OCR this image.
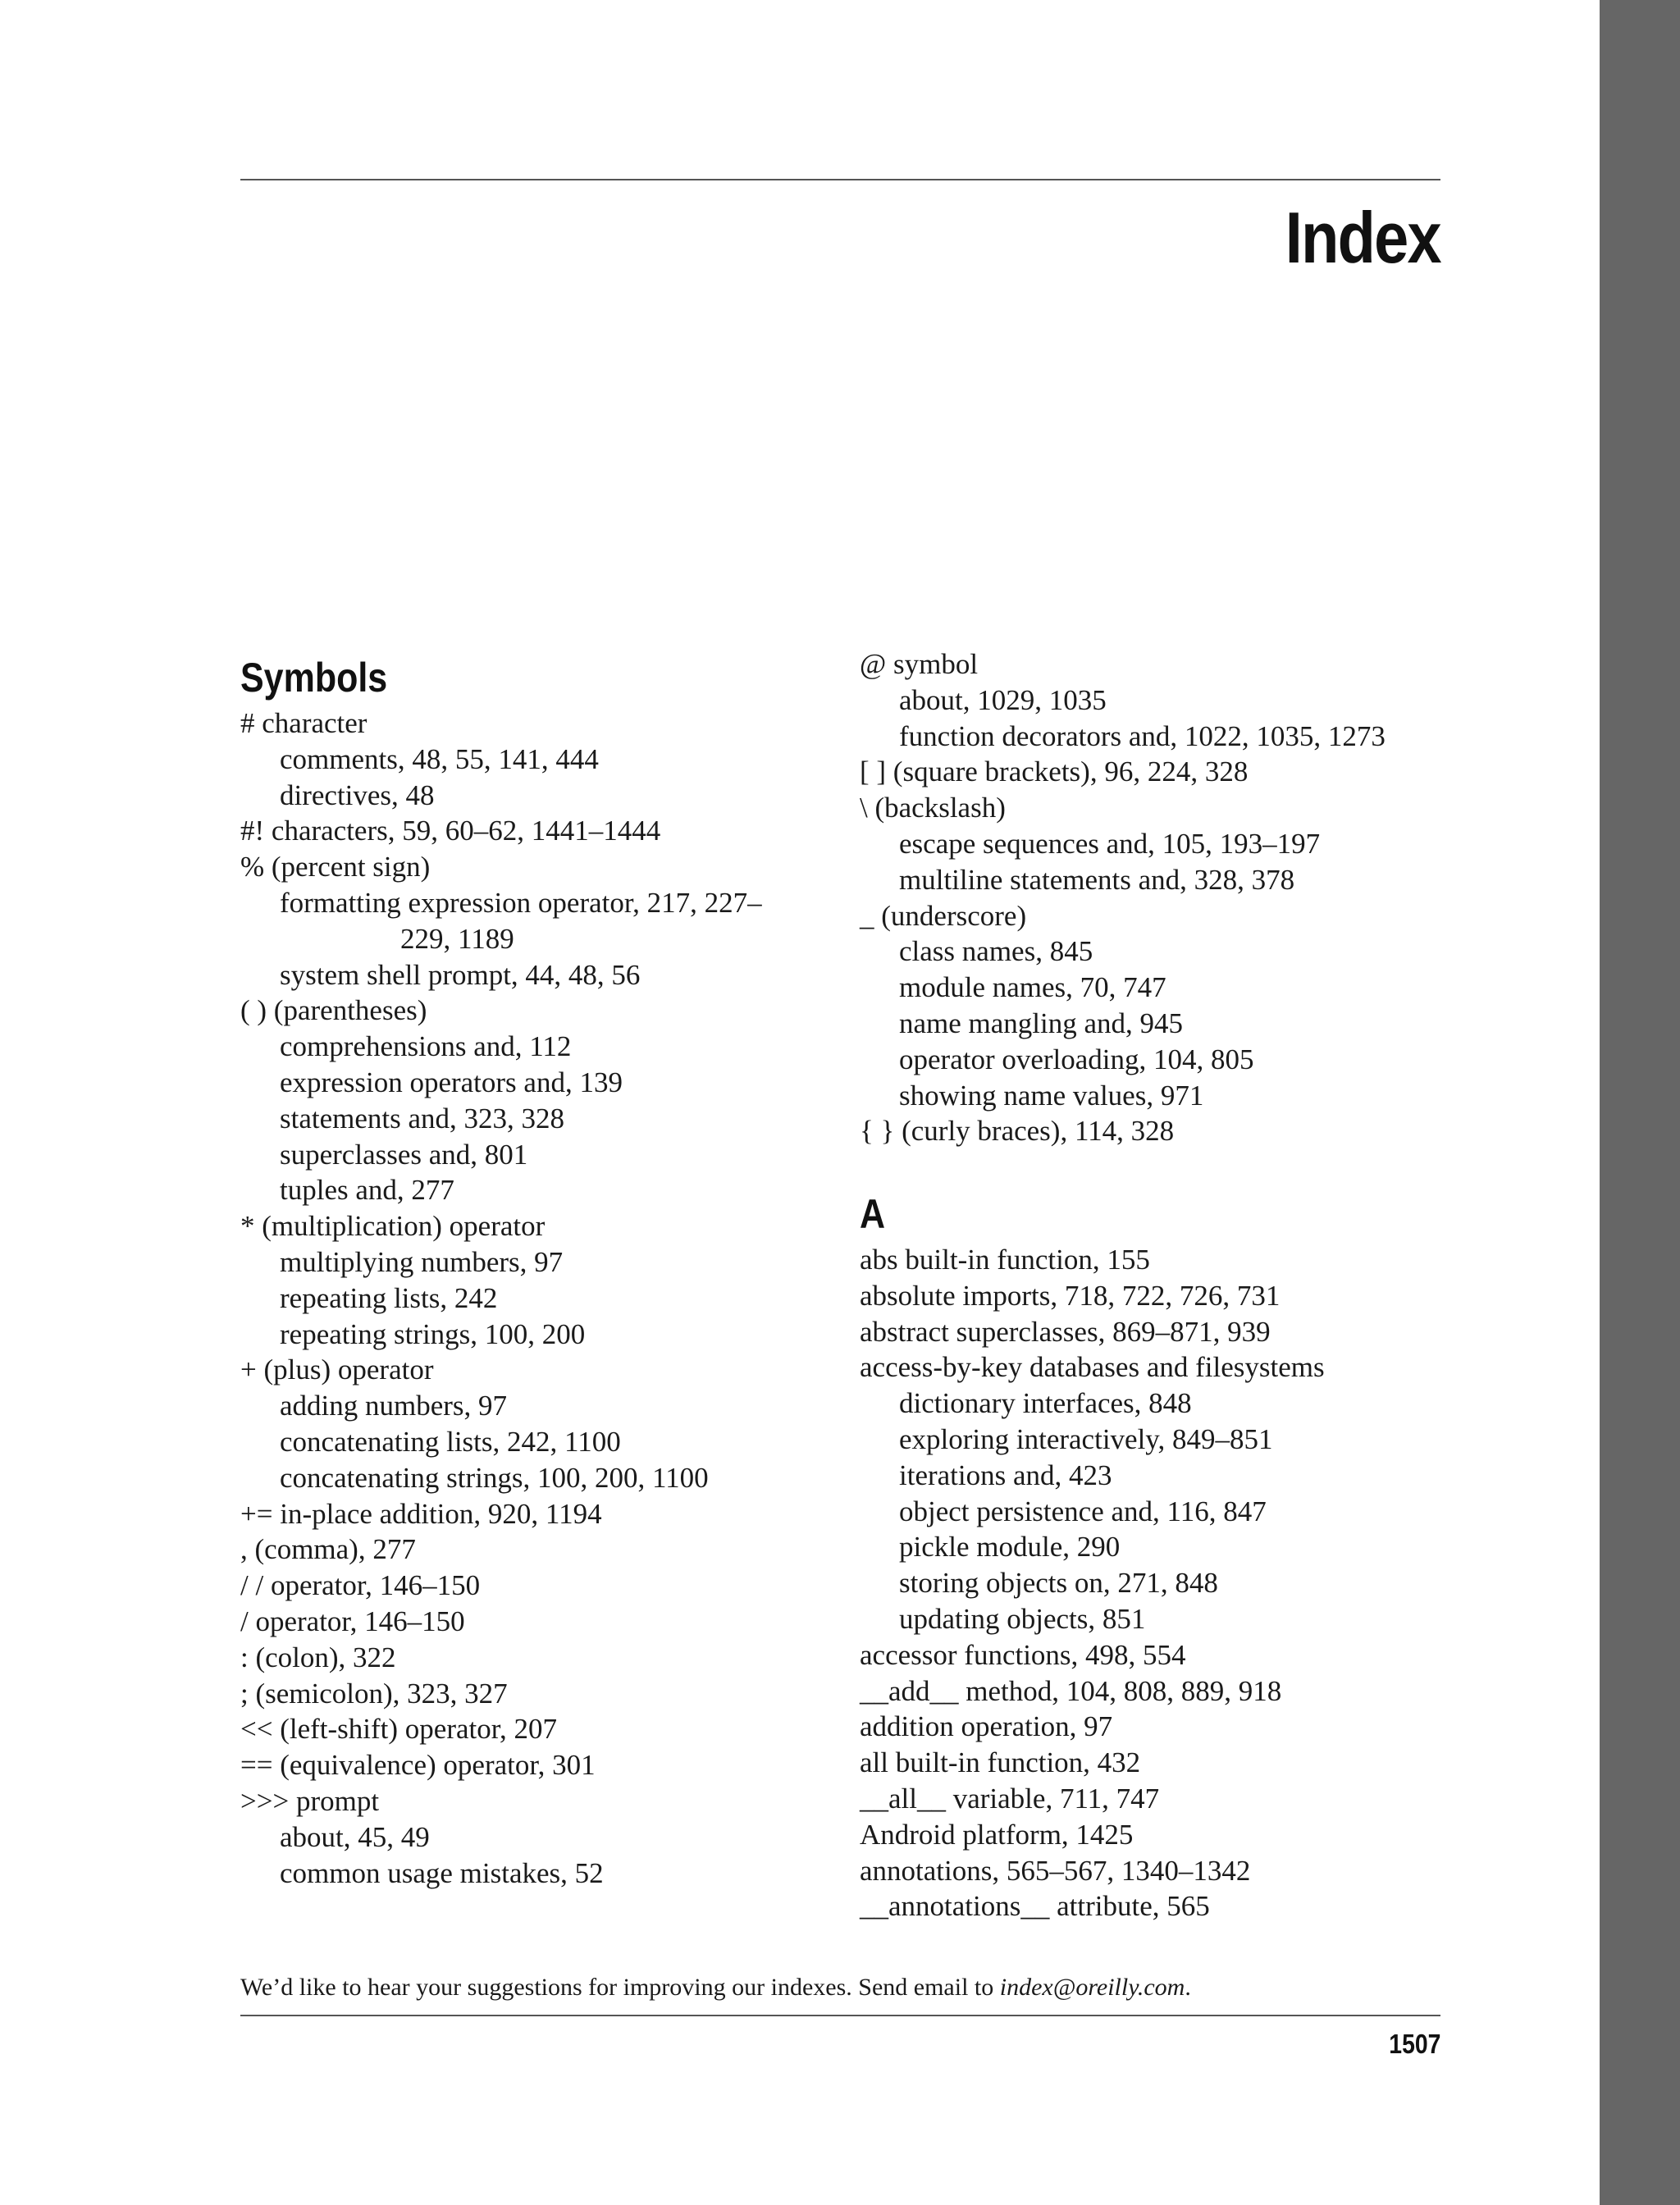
Index
Symbols
# character
comments, 48, 55, 141, 444
directives, 48
#! characters, 59, 60–62, 1441–1444
% (percent sign)
formatting expression operator, 217, 227–
229, 1189
system shell prompt, 44, 48, 56
( ) (parentheses)
comprehensions and, 112
expression operators and, 139
statements and, 323, 328
superclasses and, 801
tuples and, 277
* (multiplication) operator
multiplying numbers, 97
repeating lists, 242
repeating strings, 100, 200
+ (plus) operator
adding numbers, 97
concatenating lists, 242, 1100
concatenating strings, 100, 200, 1100
+= in-place addition, 920, 1194
, (comma), 277
/ / operator, 146–150
/ operator, 146–150
: (colon), 322
; (semicolon), 323, 327
<< (left-shift) operator, 207
== (equivalence) operator, 301
>>> prompt
about, 45, 49
common usage mistakes, 52
@ symbol
about, 1029, 1035
function decorators and, 1022, 1035, 1273
[ ] (square brackets), 96, 224, 328
\ (backslash)
escape sequences and, 105, 193–197
multiline statements and, 328, 378
_ (underscore)
class names, 845
module names, 70, 747
name mangling and, 945
operator overloading, 104, 805
showing name values, 971
{ } (curly braces), 114, 328
A
abs built-in function, 155
absolute imports, 718, 722, 726, 731
abstract superclasses, 869–871, 939
access-by-key databases and filesystems
dictionary interfaces, 848
exploring interactively, 849–851
iterations and, 423
object persistence and, 116, 847
pickle module, 290
storing objects on, 271, 848
updating objects, 851
accessor functions, 498, 554
__add__ method, 104, 808, 889, 918
addition operation, 97
all built-in function, 432
__all__ variable, 711, 747
Android platform, 1425
annotations, 565–567, 1340–1342
__annotations__ attribute, 565
We’d like to hear your suggestions for improving our indexes. Send email to index@oreilly.com.
1507
